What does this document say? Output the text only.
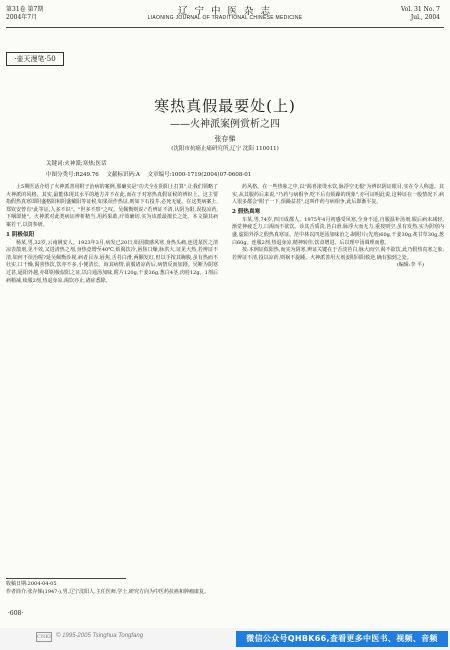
第31卷 第7期
2004年7月
辽 宁 中 医 杂 志
LIAONING JOURNAL OF TRADITIONAL CHINESE MEDICINE
Vol. 31 No. 7
Jul., 2004
·壶天漫笔·50
寒热真假最要处(上)
——火神派案例赏析之四
张存悌
(沈阳市抗癌止痛研究所,辽宁 沈阳 110011)
关键词:火神派;寒热;医话
中图分类号:R249.76 文献标识码:A 文章编号:1000-1719(2004)07-0608-01

上5期医话介绍了火神派善用附子治病的案例,那确实是"功夫全在阴阳上打算",让我们领略了火神派的风格。其实,最能体现其水平的地方并不在此,而在于对寒热真假证候的辨识上。这主要指假热真寒即阴盛格阳和阴盛戴阳等证候,如果误作热证,则如下石投井,必死无疑。在这类病案上,郑钦安曾有"此等证,人多不识"、"世多不察"之叹。吴佩衡则说:"若辨证不清,认阴为阳,误投凉药,下咽即毙"。火神派对此类病证辨析精当,用药果敢,疗效确切,实为该派最擅长之处。本文撷其病案若干,以资参研。

1 阴极似阳

杨某,男,32岁,云南姚安人。1923年3月,病发已20日,始因微感风寒,身热头痛,连进某医之清凉表散剂,见不效,又进清热之剂,身热竟增至40℃,烦渴饮冷,唇焦口燥,脉洪大,证见大热,若辨证不清,如何不误治呢?延吴佩衡诊视,病者目赤,唇焦,舌苔白滑,两颧发红,但以手按其胸腹,虽有热而不壮实,口干燥,渴喜热饮,饮亦不多,小便清长。询其病情,前服诸凉药后,病情反而加剧。吴断为阴寒过甚,逼阳外越,亦即阴极似阳之证,以白通汤加味,附片120g,干姜36g,葱白4茎,肉桂12g。1剂后病稍减,续服2剂,热退身凉,渴饮亦止,诸症悉除。

药风格。在一些热象之中,以"渴喜滚烫水饮,脉浮空无根"为辨识阴证眼目,实在令人称道。其实,从其服药后来说,"乃药与病相争,吃下后有烦躁的现象",亦可证明此说,这种证在一般情况下,病人很多都会"附子一下,烦躁益甚",这叫作药与病相争,此后即渐平复。

2 假热真寒

车某,男,74岁,四川成都人。1975年4月初感受风寒,全身不适,自服温补汤剂,服后病未减轻,渐觉神疲乏力,口渴而不欲饮。诊其舌质淡,苔白滑,脉浮大而无力,重按则空,虽有发热,实为阴寒内盛,虚阳外浮之假热真寒证。范中林以四逆汤加味治之:制附片(先煎)60g,干姜30g,炙甘草30g,葱白60g。连服2剂,热退身凉,精神转佳,饮食增进。后以理中汤调理而愈。

按:本例证似阳热,而实为阴寒,辨证关键在于舌淡苔白,脉大而空,渴不欲饮,此乃假热真寒之象,若辨证不清,投以凉药,则祸不旋踵。火神派善用大剂姜附回阳救逆,确有独到之处。

(编辑:李 平)
收稿日期:2004-04-05
作者简介:张存悌(1947-),男,辽宁沈阳人,主任医师,学士,研究方向为中医药抗癌和肿瘤康复。
·608·
CNKI © 1995-2005 Tsinghua Tongfang	微信公众号QHBK66,查看更多中医书、视频、音频
